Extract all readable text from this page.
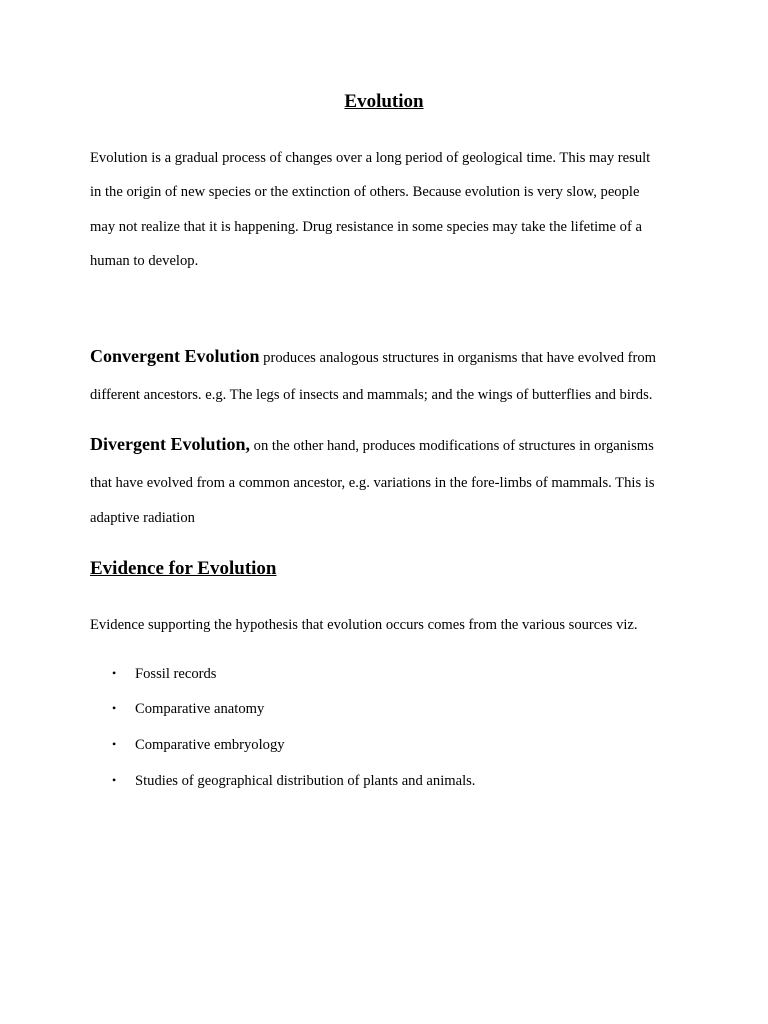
Evolution
Evolution is a gradual process of changes over a long period of geological time. This may result
in the origin of new species or the extinction of others. Because evolution is very slow, people
may not realize that it is happening. Drug resistance in some species may take the lifetime of a
human to develop.
Convergent Evolution produces analogous structures in organisms that have evolved from
different ancestors. e.g. The legs of insects and mammals; and the wings of butterflies and birds.
Divergent Evolution, on the other hand, produces modifications of structures in organisms
that have evolved from a common ancestor, e.g. variations in the fore-limbs of mammals. This is
adaptive radiation
Evidence for Evolution
Evidence supporting the hypothesis that evolution occurs comes from the various sources viz.
• Fossil records
• Comparative anatomy
• Comparative embryology
• Studies of geographical distribution of plants and animals.
